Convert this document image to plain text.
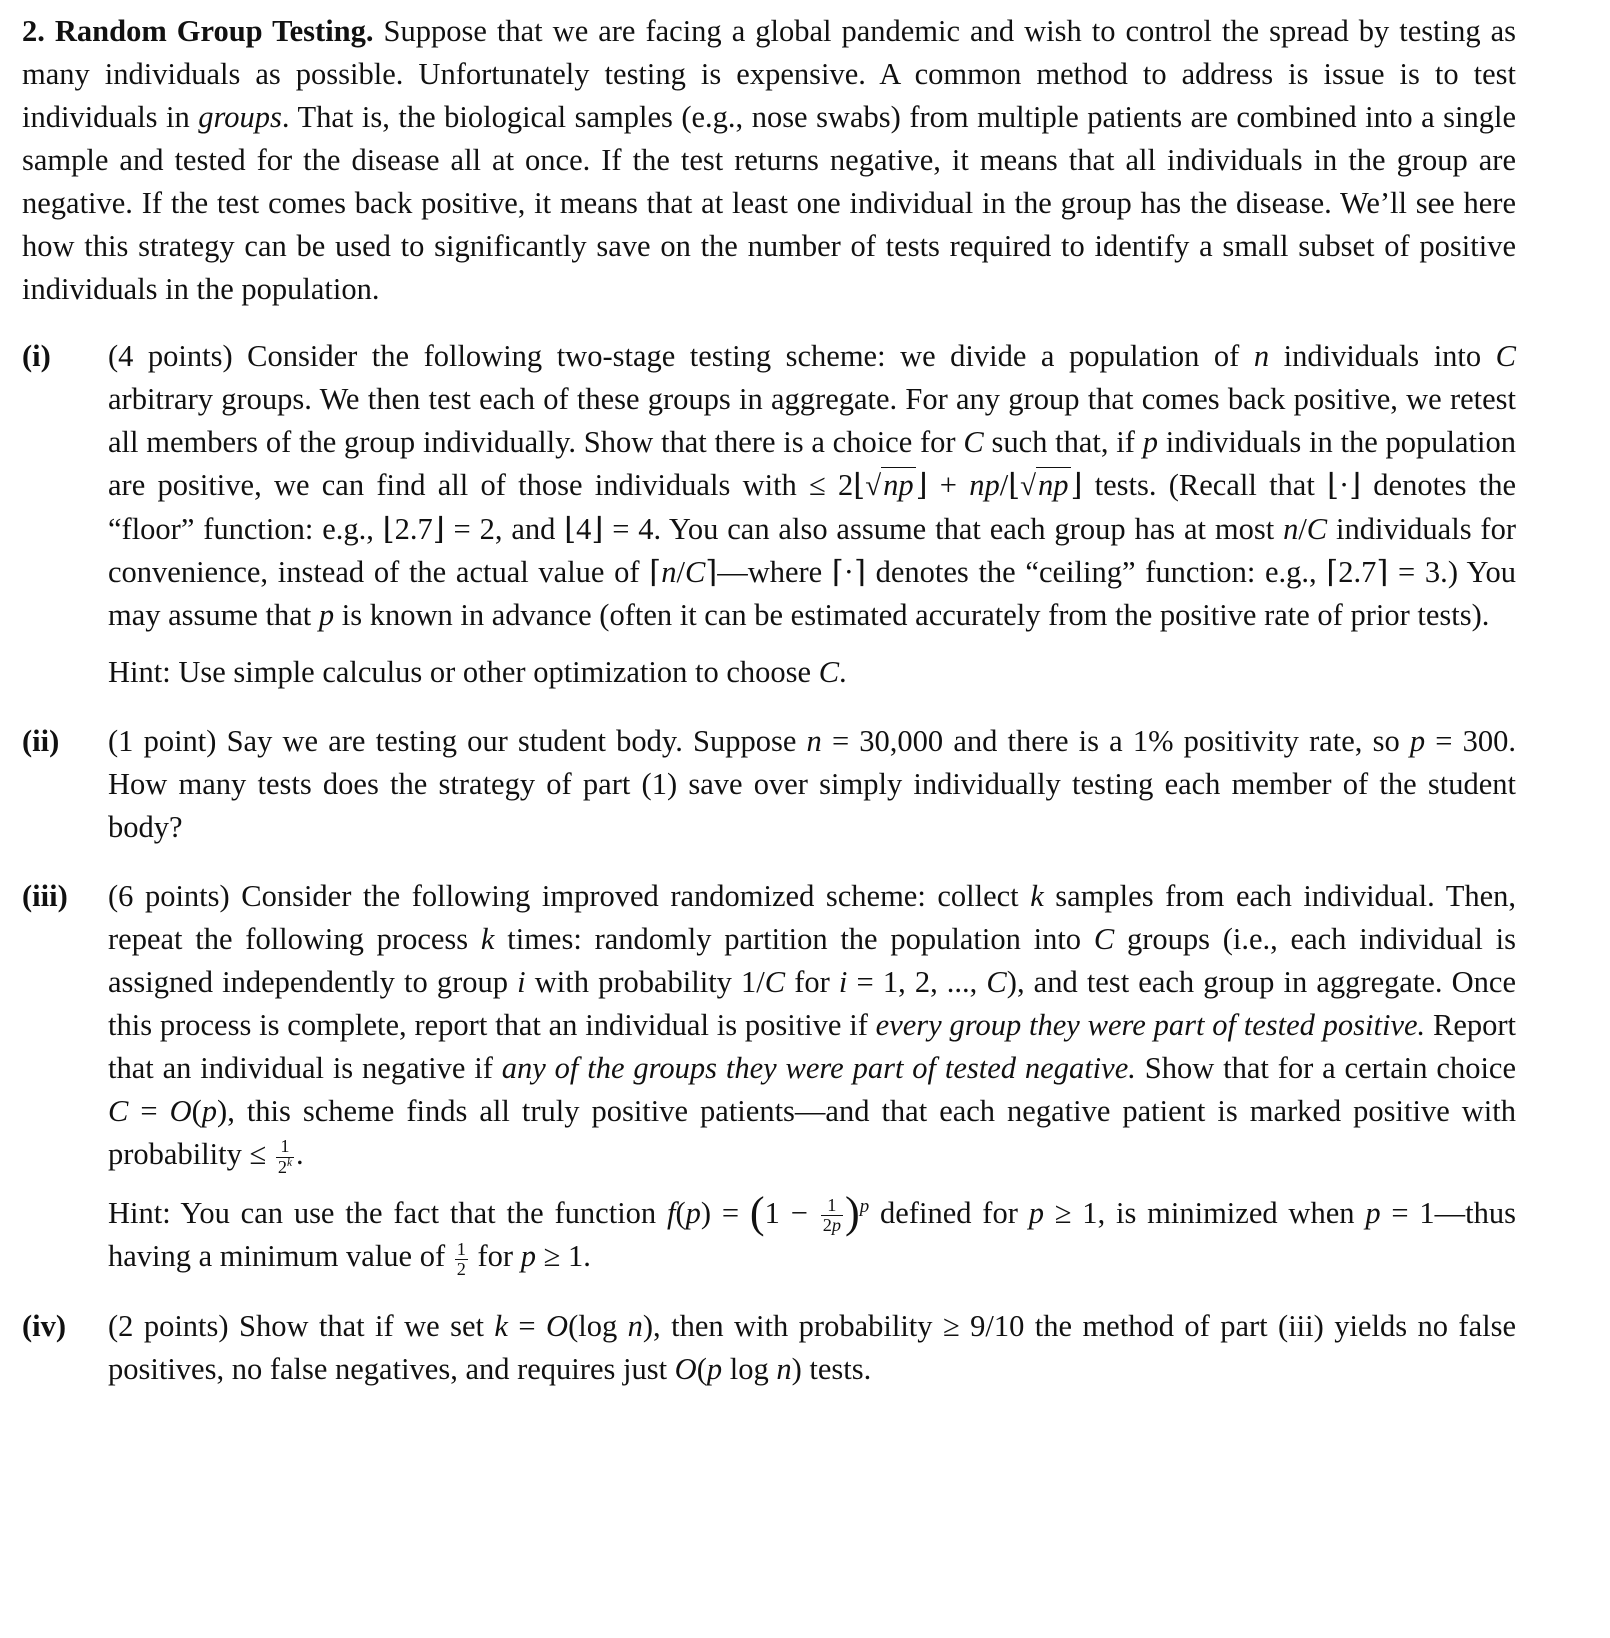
2. Random Group Testing. Suppose that we are facing a global pandemic and wish to control the spread by testing as many individuals as possible. Unfortunately testing is expensive. A common method to address is issue is to test individuals in groups. That is, the biological samples (e.g., nose swabs) from multiple patients are combined into a single sample and tested for the disease all at once. If the test returns negative, it means that all individuals in the group are negative. If the test comes back positive, it means that at least one individual in the group has the disease. We’ll see here how this strategy can be used to significantly save on the number of tests required to identify a small subset of positive individuals in the population.

(i) (4 points) Consider the following two-stage testing scheme: we divide a population of n individuals into C arbitrary groups. We then test each of these groups in aggregate. For any group that comes back positive, we retest all members of the group individually. Show that there is a choice for C such that, if p individuals in the population are positive, we can find all of those individuals with ≤ 2⌊√np⌋ + np/⌊√np⌋ tests. (Recall that ⌊·⌋ denotes the “floor” function: e.g., ⌊2.7⌋ = 2, and ⌊4⌋ = 4. You can also assume that each group has at most n/C individuals for convenience, instead of the actual value of ⌈n/C⌉—where ⌈·⌉ denotes the “ceiling” function: e.g., ⌈2.7⌉ = 3.) You may assume that p is known in advance (often it can be estimated accurately from the positive rate of prior tests).

Hint: Use simple calculus or other optimization to choose C.

(ii) (1 point) Say we are testing our student body. Suppose n = 30,000 and there is a 1% positivity rate, so p = 300. How many tests does the strategy of part (1) save over simply individually testing each member of the student body?

(iii) (6 points) Consider the following improved randomized scheme: collect k samples from each individual. Then, repeat the following process k times: randomly partition the population into C groups (i.e., each individual is assigned independently to group i with probability 1/C for i = 1, 2, ..., C), and test each group in aggregate. Once this process is complete, report that an individual is positive if every group they were part of tested positive. Report that an individual is negative if any of the groups they were part of tested negative. Show that for a certain choice C = O(p), this scheme finds all truly positive patients—and that each negative patient is marked positive with probability ≤ $\frac{1}{2^k}$ .

Hint: You can use the fact that the function $f(p) = (1 - \frac{1}{2p} )^p$ defined for p ≥ 1, is minimized when p = 1—thus having a minimum value of $\frac{1}{2}$ for p ≥ 1.

(iv) (2 points) Show that if we set k = O(log n), then with probability ≥ 9/10 the method of part (iii) yields no false positives, no false negatives, and requires just O(p log n) tests.
